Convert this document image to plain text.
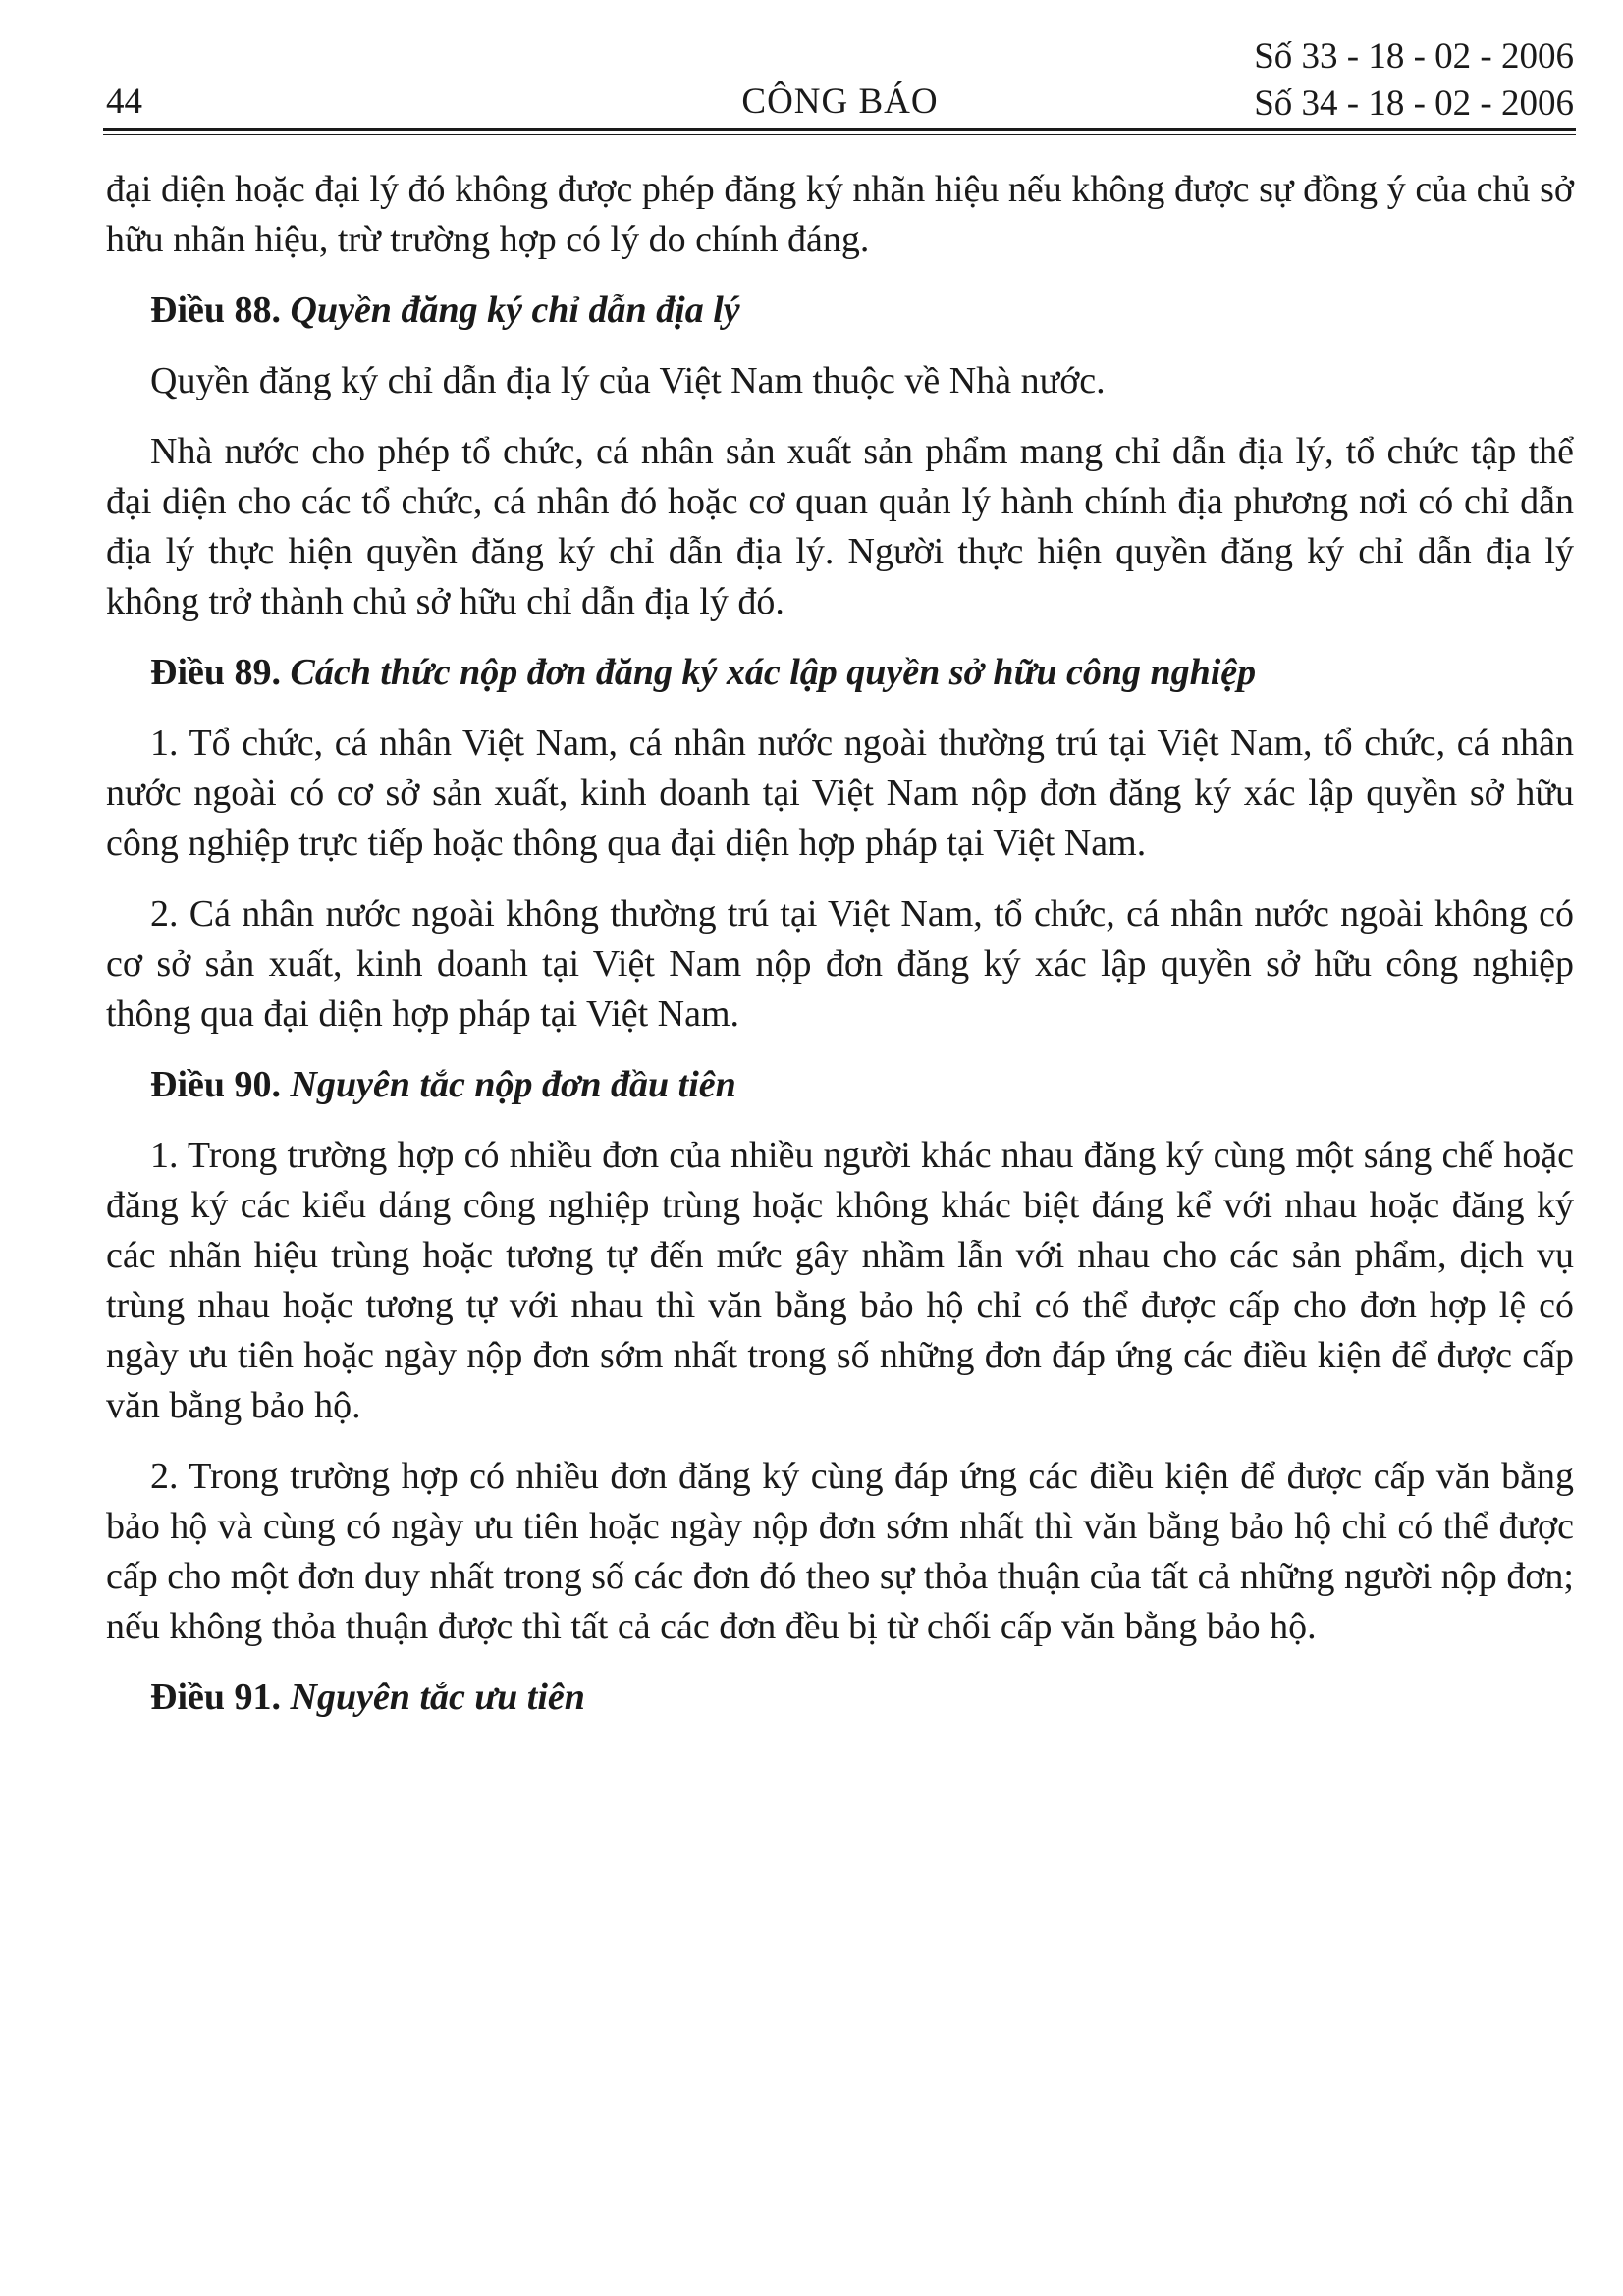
44	CÔNG BÁO
Số 33 - 18 - 02 - 2006
Số 34 - 18 - 02 - 2006

đại diện hoặc đại lý đó không được phép đăng ký nhãn hiệu nếu không được sự đồng ý của chủ sở hữu nhãn hiệu, trừ trường hợp có lý do chính đáng.

Điều 88. Quyền đăng ký chỉ dẫn địa lý

Quyền đăng ký chỉ dẫn địa lý của Việt Nam thuộc về Nhà nước.

Nhà nước cho phép tổ chức, cá nhân sản xuất sản phẩm mang chỉ dẫn địa lý, tổ chức tập thể đại diện cho các tổ chức, cá nhân đó hoặc cơ quan quản lý hành chính địa phương nơi có chỉ dẫn địa lý thực hiện quyền đăng ký chỉ dẫn địa lý. Người thực hiện quyền đăng ký chỉ dẫn địa lý không trở thành chủ sở hữu chỉ dẫn địa lý đó.

Điều 89. Cách thức nộp đơn đăng ký xác lập quyền sở hữu công nghiệp

1. Tổ chức, cá nhân Việt Nam, cá nhân nước ngoài thường trú tại Việt Nam, tổ chức, cá nhân nước ngoài có cơ sở sản xuất, kinh doanh tại Việt Nam nộp đơn đăng ký xác lập quyền sở hữu công nghiệp trực tiếp hoặc thông qua đại diện hợp pháp tại Việt Nam.

2. Cá nhân nước ngoài không thường trú tại Việt Nam, tổ chức, cá nhân nước ngoài không có cơ sở sản xuất, kinh doanh tại Việt Nam nộp đơn đăng ký xác lập quyền sở hữu công nghiệp thông qua đại diện hợp pháp tại Việt Nam.

Điều 90. Nguyên tắc nộp đơn đầu tiên

1. Trong trường hợp có nhiều đơn của nhiều người khác nhau đăng ký cùng một sáng chế hoặc đăng ký các kiểu dáng công nghiệp trùng hoặc không khác biệt đáng kể với nhau hoặc đăng ký các nhãn hiệu trùng hoặc tương tự đến mức gây nhầm lẫn với nhau cho các sản phẩm, dịch vụ trùng nhau hoặc tương tự với nhau thì văn bằng bảo hộ chỉ có thể được cấp cho đơn hợp lệ có ngày ưu tiên hoặc ngày nộp đơn sớm nhất trong số những đơn đáp ứng các điều kiện để được cấp văn bằng bảo hộ.

2. Trong trường hợp có nhiều đơn đăng ký cùng đáp ứng các điều kiện để được cấp văn bằng bảo hộ và cùng có ngày ưu tiên hoặc ngày nộp đơn sớm nhất thì văn bằng bảo hộ chỉ có thể được cấp cho một đơn duy nhất trong số các đơn đó theo sự thỏa thuận của tất cả những người nộp đơn; nếu không thỏa thuận được thì tất cả các đơn đều bị từ chối cấp văn bằng bảo hộ.

Điều 91. Nguyên tắc ưu tiên
